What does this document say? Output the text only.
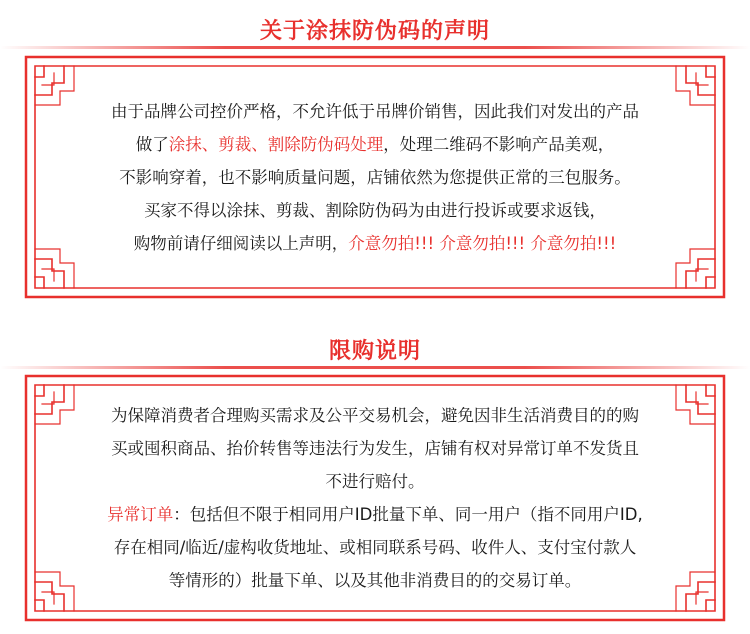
关于涂抹防伪码的声明
由于品牌公司控价严格，不允许低于吊牌价销售，因此我们对发出的产品
做了涂抹、剪裁、割除防伪码处理，处理二维码不影响产品美观，
不影响穿着，也不影响质量问题，店铺依然为您提供正常的三包服务。
买家不得以涂抹、剪裁、割除防伪码为由进行投诉或要求返钱，
购物前请仔细阅读以上声明，介意勿拍!!! 介意勿拍!!! 介意勿拍!!!
限购说明
为保障消费者合理购买需求及公平交易机会，避免因非生活消费目的的购
买或囤积商品、抬价转售等违法行为发生，店铺有权对异常订单不发货且
不进行赔付。
异常订单：包括但不限于相同用户ID批量下单、同一用户（指不同用户ID,
存在相同/临近/虚构收货地址、或相同联系号码、收件人、支付宝付款人
等情形的）批量下单、以及其他非消费目的的交易订单。
